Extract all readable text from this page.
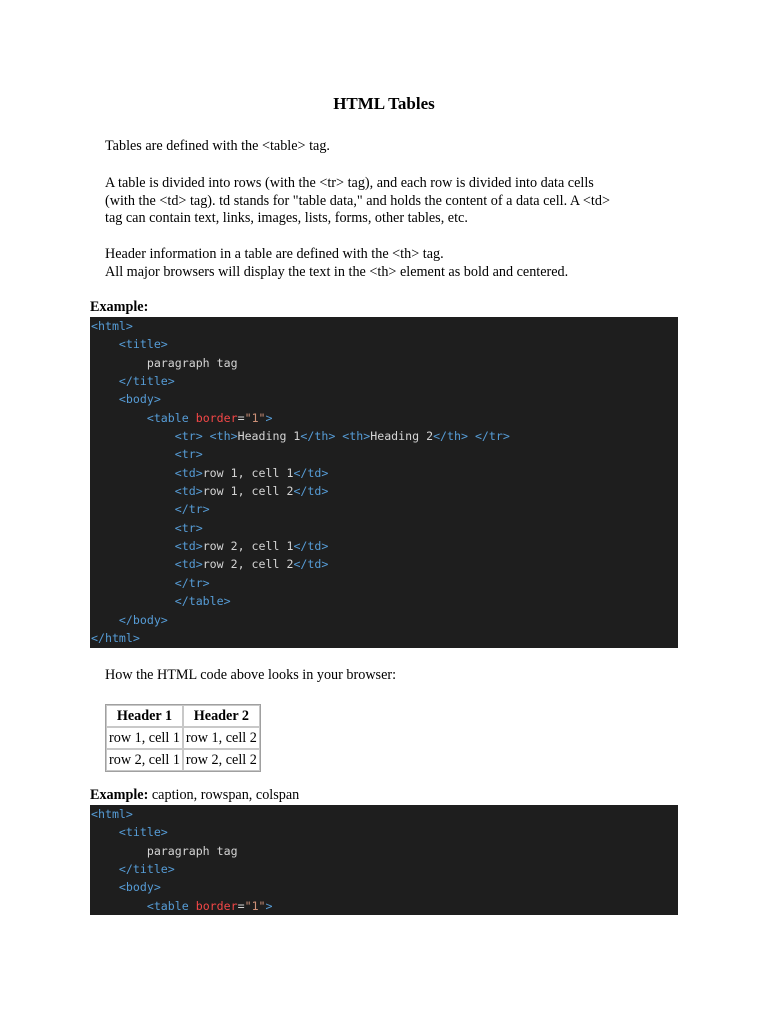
HTML Tables
Tables are defined with the <table> tag.
A table is divided into rows (with the <tr> tag), and each row is divided into data cells
(with the <td> tag). td stands for "table data," and holds the content of a data cell. A <td>
tag can contain text, links, images, lists, forms, other tables, etc.
Header information in a table are defined with the <th> tag.
All major browsers will display the text in the <th> element as bold and centered.
Example:
<html>
<title>
paragraph tag
</title>
<body>
<table border="1">
<tr> <th>Heading 1</th> <th>Heading 2</th> </tr>
<tr>
<td>row 1, cell 1</td>
<td>row 1, cell 2</td>
</tr>
<tr>
<td>row 2, cell 1</td>
<td>row 2, cell 2</td>
</tr>
</table>
</body>
</html>
How the HTML code above looks in your browser:
Header 1	Header 2
row 1, cell 1	row 1, cell 2
row 2, cell 1	row 2, cell 2
Example: caption, rowspan, colspan
<html>
<title>
paragraph tag
</title>
<body>
<table border="1">
